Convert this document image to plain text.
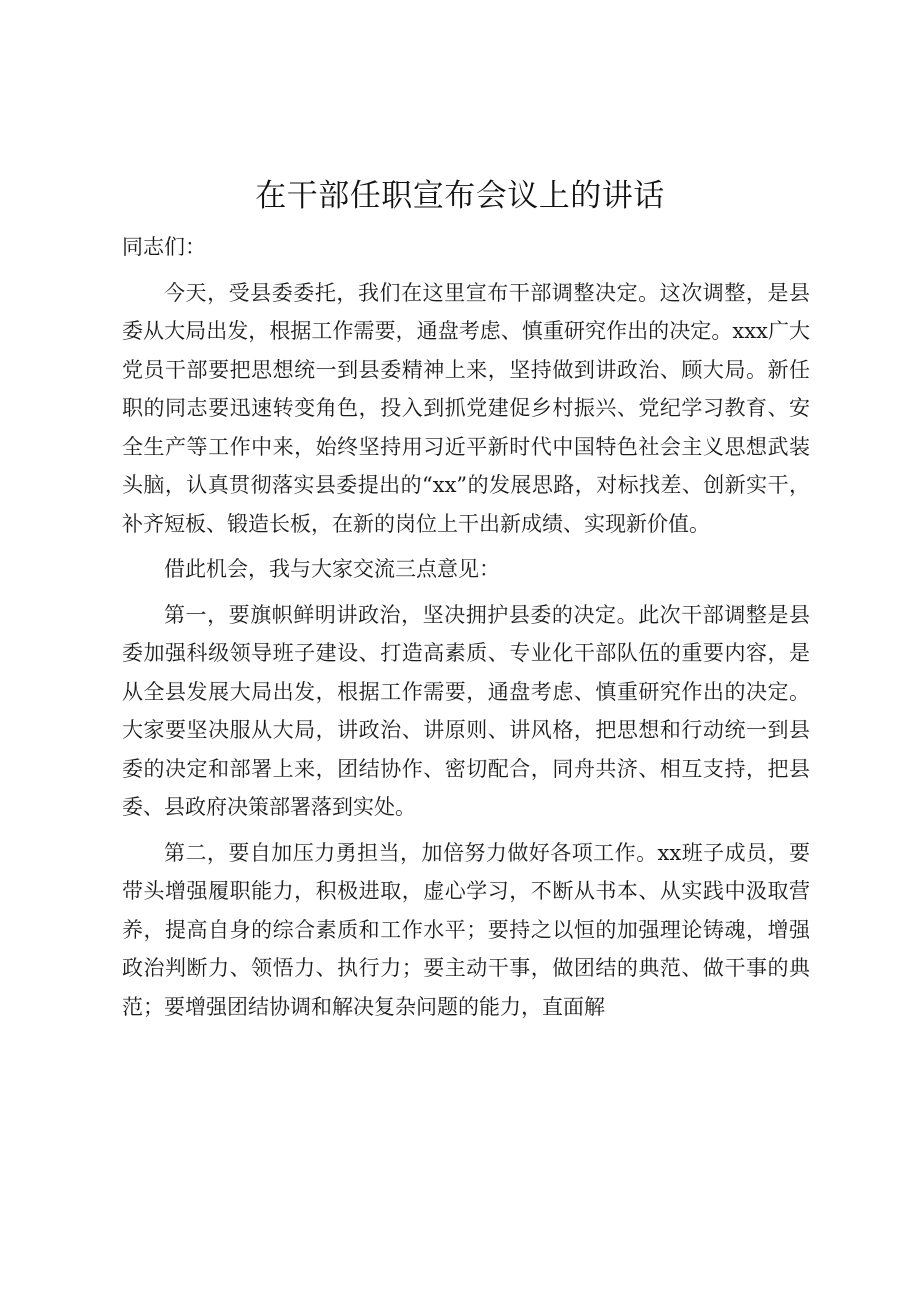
在干部任职宣布会议上的讲话

同志们：

今天，受县委委托，我们在这里宣布干部调整决定。这次调整，是县委从大局出发，根据工作需要，通盘考虑、慎重研究作出的决定。xxx广大党员干部要把思想统一到县委精神上来，坚持做到讲政治、顾大局。新任职的同志要迅速转变角色，投入到抓党建促乡村振兴、党纪学习教育、安全生产等工作中来，始终坚持用习近平新时代中国特色社会主义思想武装头脑，认真贯彻落实县委提出的“xx”的发展思路，对标找差、创新实干，补齐短板、锻造长板，在新的岗位上干出新成绩、实现新价值。

借此机会，我与大家交流三点意见：

第一，要旗帜鲜明讲政治，坚决拥护县委的决定。此次干部调整是县委加强科级领导班子建设、打造高素质、专业化干部队伍的重要内容，是从全县发展大局出发，根据工作需要，通盘考虑、慎重研究作出的决定。大家要坚决服从大局，讲政治、讲原则、讲风格，把思想和行动统一到县委的决定和部署上来，团结协作、密切配合，同舟共济、相互支持，把县委、县政府决策部署落到实处。

第二，要自加压力勇担当，加倍努力做好各项工作。xx班子成员，要带头增强履职能力，积极进取，虚心学习，不断从书本、从实践中汲取营养，提高自身的综合素质和工作水平；要持之以恒的加强理论铸魂，增强政治判断力、领悟力、执行力；要主动干事，做团结的典范、做干事的典范；要增强团结协调和解决复杂问题的能力，直面解
